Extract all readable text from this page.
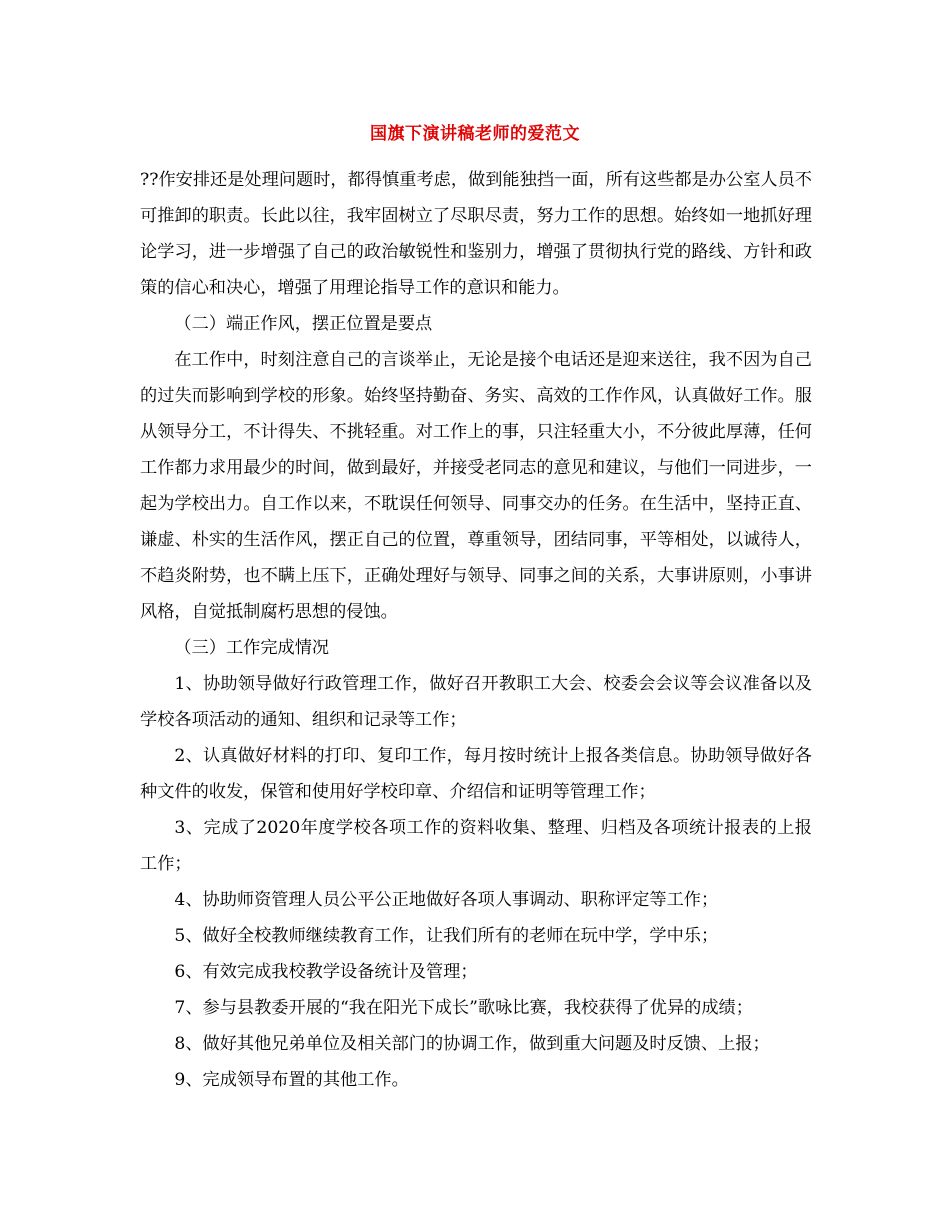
国旗下演讲稿老师的爱范文

??作安排还是处理问题时，都得慎重考虑，做到能独挡一面，所有这些都是办公室人员不可推卸的职责。长此以往，我牢固树立了尽职尽责，努力工作的思想。始终如一地抓好理论学习，进一步增强了自己的政治敏锐性和鉴别力，增强了贯彻执行党的路线、方针和政策的信心和决心，增强了用理论指导工作的意识和能力。

（二）端正作风，摆正位置是要点

在工作中，时刻注意自己的言谈举止，无论是接个电话还是迎来送往，我不因为自己的过失而影响到学校的形象。始终坚持勤奋、务实、高效的工作作风，认真做好工作。服从领导分工，不计得失、不挑轻重。对工作上的事，只注轻重大小，不分彼此厚薄，任何工作都力求用最少的时间，做到最好，并接受老同志的意见和建议，与他们一同进步，一起为学校出力。自工作以来，不耽误任何领导、同事交办的任务。在生活中，坚持正直、谦虚、朴实的生活作风，摆正自己的位置，尊重领导，团结同事，平等相处，以诚待人，不趋炎附势，也不瞒上压下，正确处理好与领导、同事之间的关系，大事讲原则，小事讲风格，自觉抵制腐朽思想的侵蚀。

（三）工作完成情况

1、协助领导做好行政管理工作，做好召开教职工大会、校委会会议等会议准备以及学校各项活动的通知、组织和记录等工作；

2、认真做好材料的打印、复印工作，每月按时统计上报各类信息。协助领导做好各种文件的收发，保管和使用好学校印章、介绍信和证明等管理工作；

3、完成了2020年度学校各项工作的资料收集、整理、归档及各项统计报表的上报工作；

4、协助师资管理人员公平公正地做好各项人事调动、职称评定等工作；

5、做好全校教师继续教育工作，让我们所有的老师在玩中学，学中乐；

6、有效完成我校教学设备统计及管理；

7、参与县教委开展的“我在阳光下成长”歌咏比赛，我校获得了优异的成绩；

8、做好其他兄弟单位及相关部门的协调工作，做到重大问题及时反馈、上报；

9、完成领导布置的其他工作。
